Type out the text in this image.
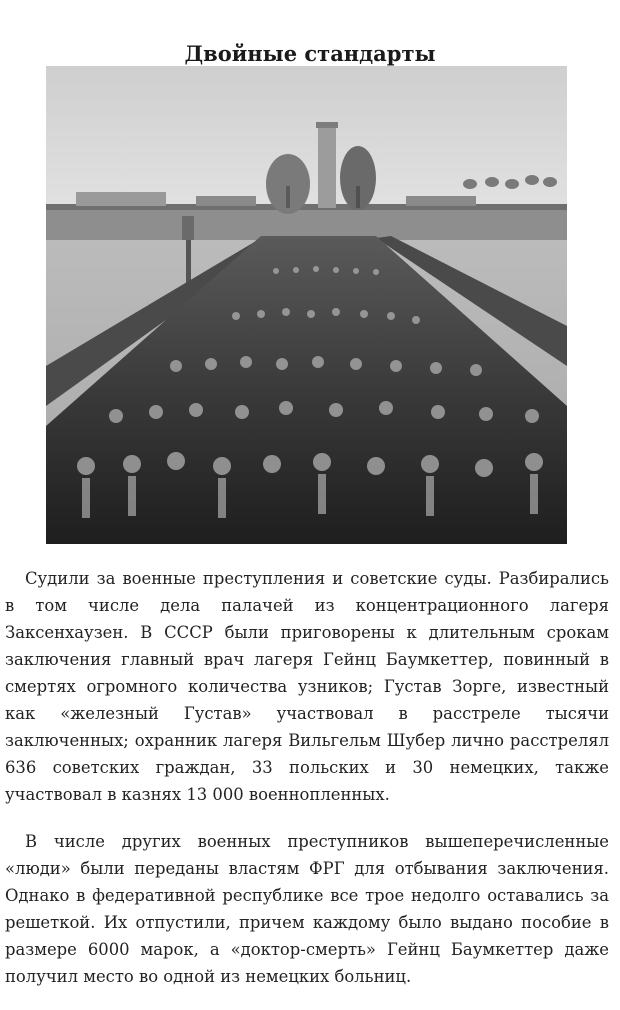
Двойные стандарты

Судили за военные преступления и советские суды. Разбирались в том числе дела палачей из концентрационного лагеря Заксенхаузен. В СССР были приговорены к длительным срокам заключения главный врач лагеря Гейнц Баумкеттер, повинный в смертях огромного количества узников; Густав Зорге, известный как «железный Густав» участвовал в расстреле тысячи заключенных; охранник лагеря Вильгельм Шубер лично расстрелял 636 советских граждан, 33 польских и 30 немецких, также участвовал в казнях 13 000 военнопленных.

В числе других военных преступников вышеперечисленные «люди» были переданы властям ФРГ для отбывания заключения. Однако в федеративной республике все трое недолго оставались за решеткой. Их отпустили, причем каждому было выдано пособие в размере 6000 марок, а «доктор-смерть» Гейнц Баумкеттер даже получил место во одной из немецких больниц.
